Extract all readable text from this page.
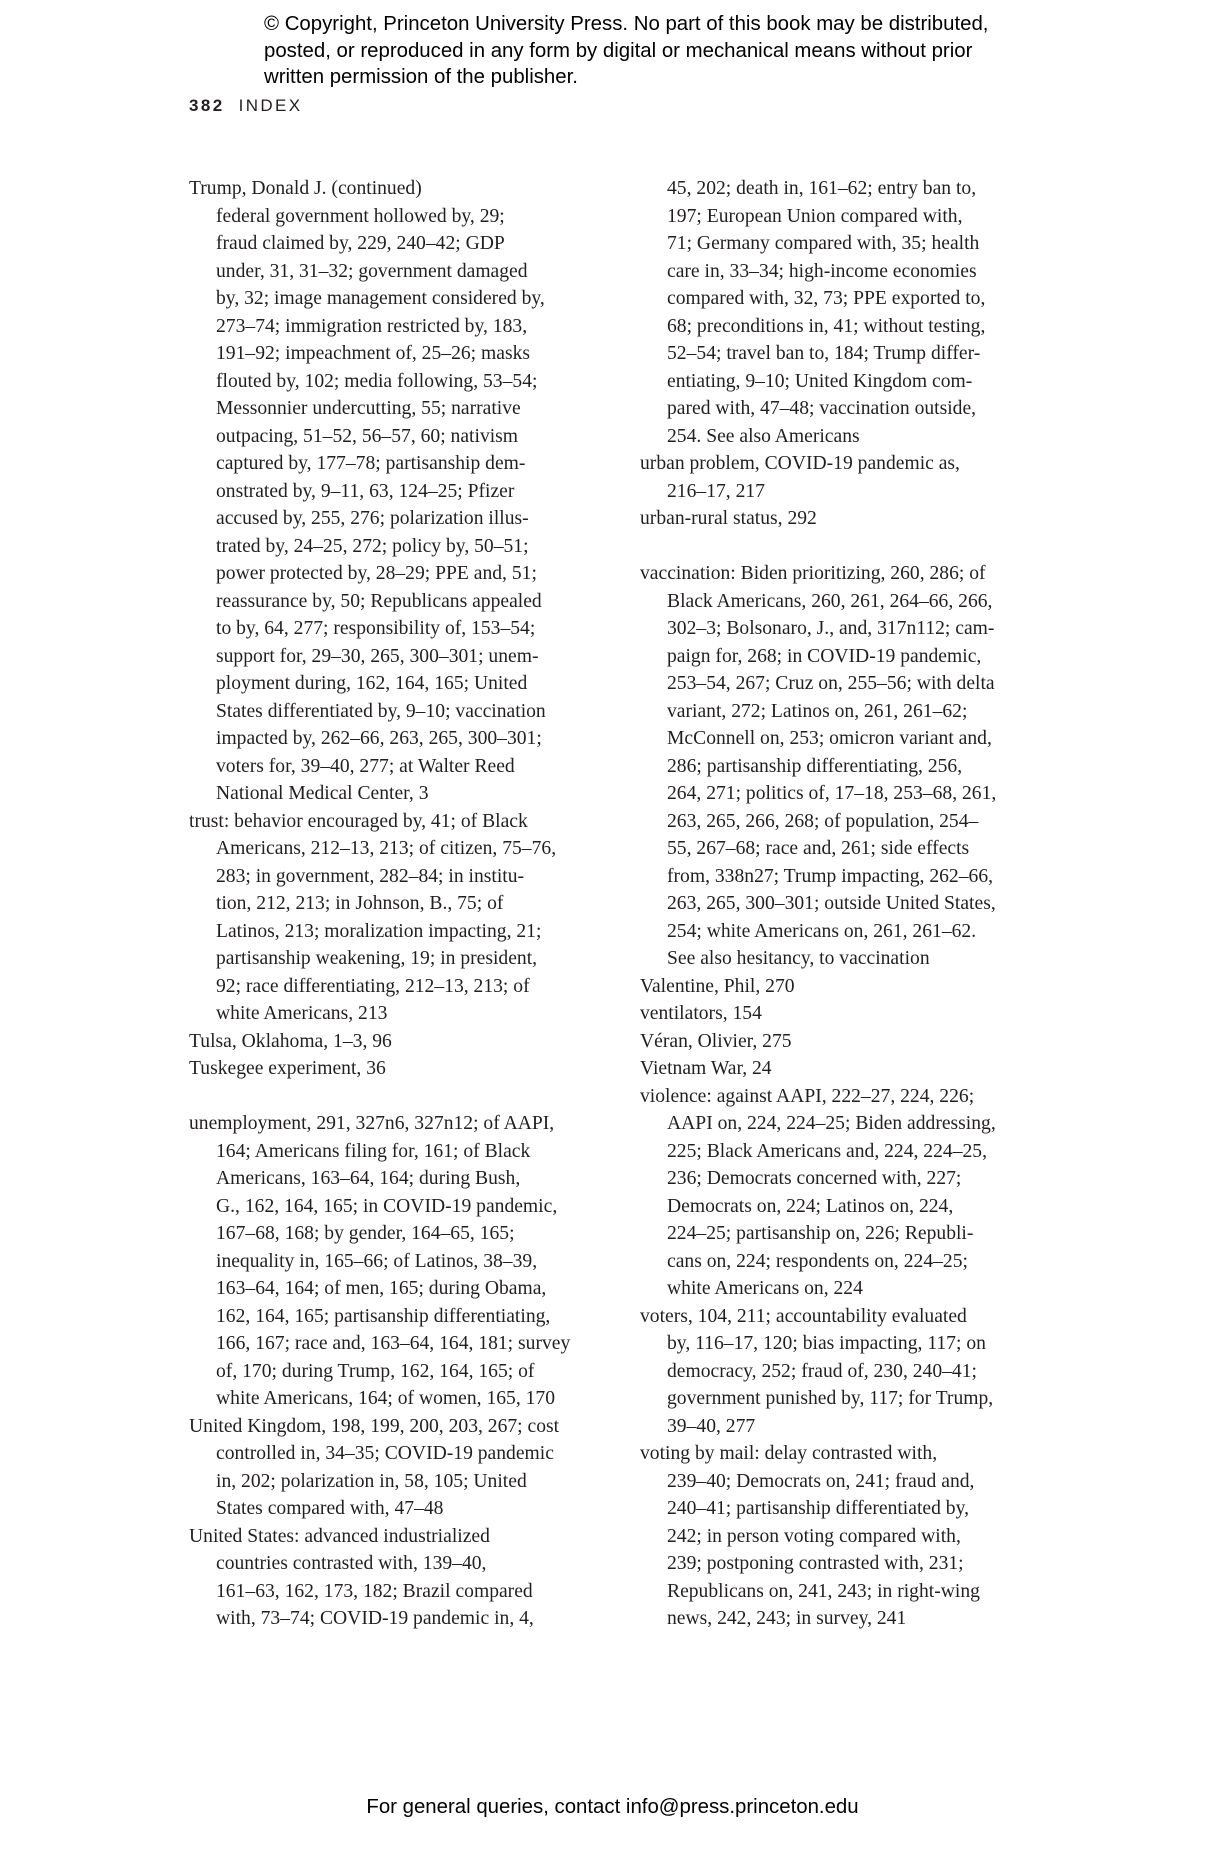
© Copyright, Princeton University Press. No part of this book may be distributed, posted, or reproduced in any form by digital or mechanical means without prior written permission of the publisher.
382 INDEX
Trump, Donald J. (continued)
federal government hollowed by, 29;
fraud claimed by, 229, 240–42; GDP
under, 31, 31–32; government damaged
by, 32; image management considered by,
273–74; immigration restricted by, 183,
191–92; impeachment of, 25–26; masks
flouted by, 102; media following, 53–54;
Messonnier undercutting, 55; narrative
outpacing, 51–52, 56–57, 60; nativism
captured by, 177–78; partisanship dem-
onstrated by, 9–11, 63, 124–25; Pfizer
accused by, 255, 276; polarization illus-
trated by, 24–25, 272; policy by, 50–51;
power protected by, 28–29; PPE and, 51;
reassurance by, 50; Republicans appealed
to by, 64, 277; responsibility of, 153–54;
support for, 29–30, 265, 300–301; unem-
ployment during, 162, 164, 165; United
States differentiated by, 9–10; vaccination
impacted by, 262–66, 263, 265, 300–301;
voters for, 39–40, 277; at Walter Reed
National Medical Center, 3
trust: behavior encouraged by, 41; of Black
Americans, 212–13, 213; of citizen, 75–76,
283; in government, 282–84; in institu-
tion, 212, 213; in Johnson, B., 75; of
Latinos, 213; moralization impacting, 21;
partisanship weakening, 19; in president,
92; race differentiating, 212–13, 213; of
white Americans, 213
Tulsa, Oklahoma, 1–3, 96
Tuskegee experiment, 36
unemployment, 291, 327n6, 327n12; of AAPI,
164; Americans filing for, 161; of Black
Americans, 163–64, 164; during Bush,
G., 162, 164, 165; in COVID-19 pandemic,
167–68, 168; by gender, 164–65, 165;
inequality in, 165–66; of Latinos, 38–39,
163–64, 164; of men, 165; during Obama,
162, 164, 165; partisanship differentiating,
166, 167; race and, 163–64, 164, 181; survey
of, 170; during Trump, 162, 164, 165; of
white Americans, 164; of women, 165, 170
United Kingdom, 198, 199, 200, 203, 267; cost
controlled in, 34–35; COVID-19 pandemic
in, 202; polarization in, 58, 105; United
States compared with, 47–48
United States: advanced industrialized
countries contrasted with, 139–40,
161–63, 162, 173, 182; Brazil compared
with, 73–74; COVID-19 pandemic in, 4,
45, 202; death in, 161–62; entry ban to,
197; European Union compared with,
71; Germany compared with, 35; health
care in, 33–34; high-income economies
compared with, 32, 73; PPE exported to,
68; preconditions in, 41; without testing,
52–54; travel ban to, 184; Trump differ-
entiating, 9–10; United Kingdom com-
pared with, 47–48; vaccination outside,
254. See also Americans
urban problem, COVID-19 pandemic as,
216–17, 217
urban-rural status, 292
vaccination: Biden prioritizing, 260, 286; of
Black Americans, 260, 261, 264–66, 266,
302–3; Bolsonaro, J., and, 317n112; cam-
paign for, 268; in COVID-19 pandemic,
253–54, 267; Cruz on, 255–56; with delta
variant, 272; Latinos on, 261, 261–62;
McConnell on, 253; omicron variant and,
286; partisanship differentiating, 256,
264, 271; politics of, 17–18, 253–68, 261,
263, 265, 266, 268; of population, 254–
55, 267–68; race and, 261; side effects
from, 338n27; Trump impacting, 262–66,
263, 265, 300–301; outside United States,
254; white Americans on, 261, 261–62.
See also hesitancy, to vaccination
Valentine, Phil, 270
ventilators, 154
Véran, Olivier, 275
Vietnam War, 24
violence: against AAPI, 222–27, 224, 226;
AAPI on, 224, 224–25; Biden addressing,
225; Black Americans and, 224, 224–25,
236; Democrats concerned with, 227;
Democrats on, 224; Latinos on, 224,
224–25; partisanship on, 226; Republi-
cans on, 224; respondents on, 224–25;
white Americans on, 224
voters, 104, 211; accountability evaluated
by, 116–17, 120; bias impacting, 117; on
democracy, 252; fraud of, 230, 240–41;
government punished by, 117; for Trump,
39–40, 277
voting by mail: delay contrasted with,
239–40; Democrats on, 241; fraud and,
240–41; partisanship differentiated by,
242; in person voting compared with,
239; postponing contrasted with, 231;
Republicans on, 241, 243; in right-wing
news, 242, 243; in survey, 241
For general queries, contact info@press.princeton.edu
